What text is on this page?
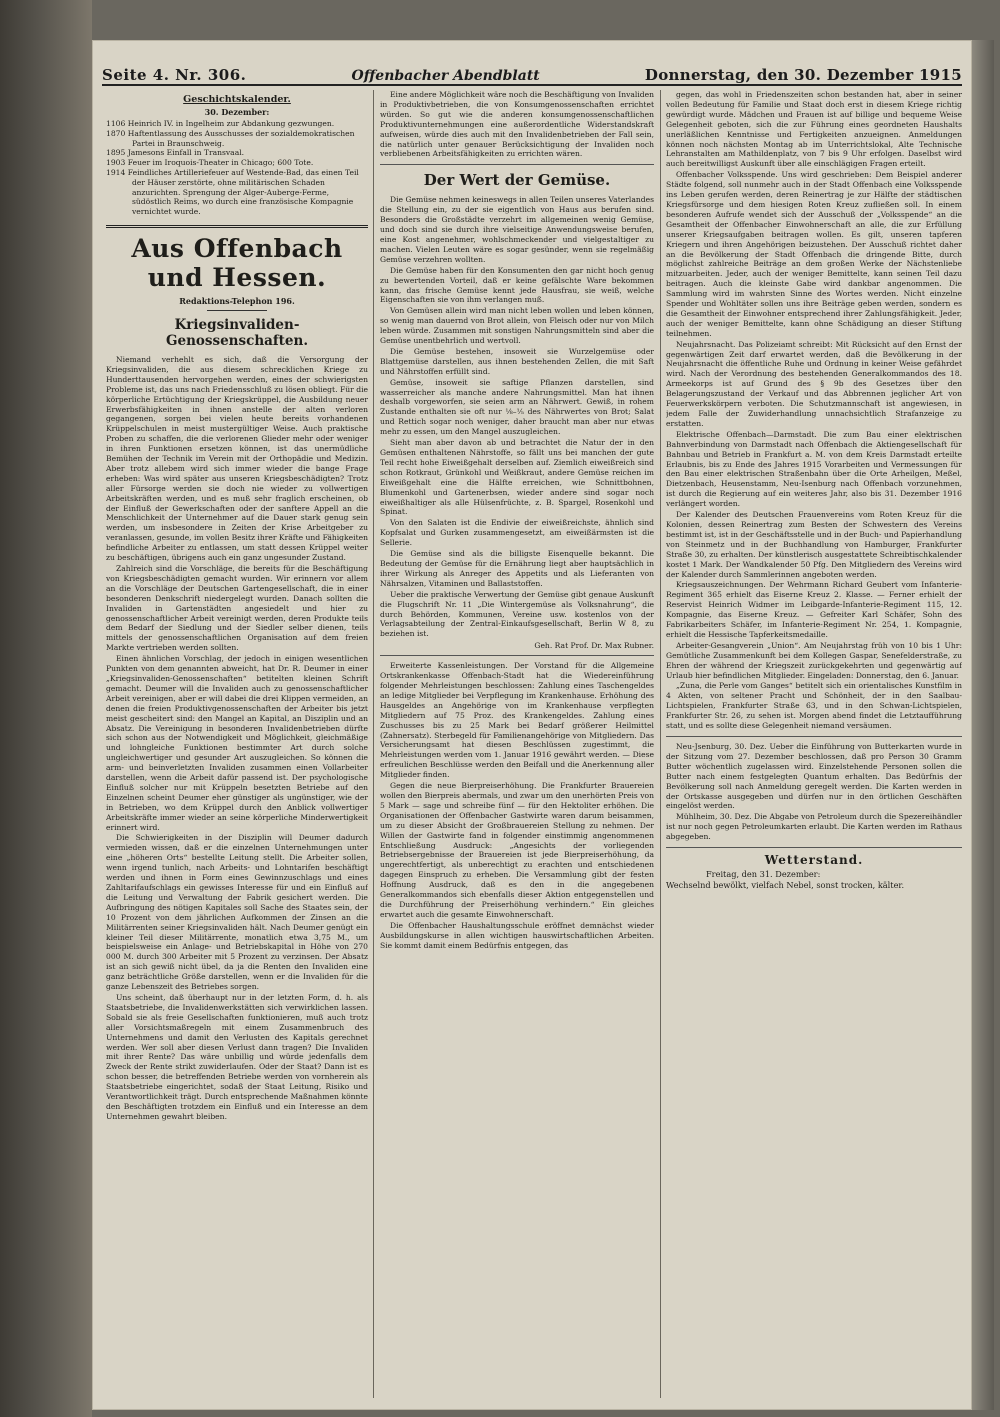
Seite 4. Nr. 306.	Offenbacher Abendblatt	Donnerstag, den 30. Dezember 1915
Geschichtskalender.
30. Dezember:
1106 Heinrich IV. in Ingelheim zur Abdankung gezwungen.
1870 Haftentlassung des Ausschusses der sozialdemokratischen Partei in Braunschweig.
1895 Jamesons Einfall in Transvaal.
1903 Feuer im Iroquois-Theater in Chicago; 600 Tote.
1914 Feindliches Artilleriefeuer auf Westende-Bad, das einen Teil der Häuser zerstörte, ohne militärischen Schaden anzurichten. Sprengung der Alger-Auberge-Ferme, südöstlich Reims, wo durch eine französische Kompagnie vernichtet wurde.
Aus Offenbach und Hessen.
Redaktions-Telephon 196.
Kriegsinvaliden-Genossenschaften.

Niemand verhehlt es sich, daß die Versorgung der Kriegsinvaliden, die aus diesem schrecklichen Kriege zu Hunderttausenden hervorgehen werden, eines der schwierigsten Probleme ist, das uns nach Friedensschluß zu lösen obliegt. Für die körperliche Ertüchtigung der Kriegskrüppel, die Ausbildung neuer Erwerbsfähigkeiten in ihnen anstelle der alten verloren gegangenen, sorgen bei vielen heute bereits vorhandenen Krüppelschulen in meist mustergültiger Weise. Auch praktische Proben zu schaffen, die die verlorenen Glieder mehr oder weniger in ihren Funktionen ersetzen können, ist das unermüdliche Bemühen der Technik im Verein mit der Orthopädie und Medizin. Aber trotz allebem wird sich immer wieder die bange Frage erheben: Was wird später aus unseren Kriegsbeschädigten? Trotz aller Fürsorge werden sie doch nie wieder zu vollwertigen Arbeitskräften werden, und es muß sehr fraglich erscheinen, ob der Einfluß der Gewerkschaften oder der sanftere Appell an die Menschlichkeit der Unternehmer auf die Dauer stark genug sein werden, um insbesondere in Zeiten der Krise Arbeitgeber zu veranlassen, gesunde, im vollen Besitz ihrer Kräfte und Fähigkeiten befindliche Arbeiter zu entlassen, um statt dessen Krüppel weiter zu beschäftigen, übrigens auch ein ganz ungesunder Zustand.

Zahlreich sind die Vorschläge, die bereits für die Beschäftigung von Kriegsbeschädigten gemacht wurden. Wir erinnern vor allem an die Vorschläge der Deutschen Gartengesellschaft, die in einer besonderen Denkschrift niedergelegt wurden. Danach sollten die Invaliden in Gartenstädten angesiedelt und hier zu genossenschaftlicher Arbeit vereinigt werden, deren Produkte teils dem Bedarf der Siedlung und der Siedler selber dienen, teils mittels der genossenschaftlichen Organisation auf dem freien Markte vertrieben werden sollten.

Einen ähnlichen Vorschlag, der jedoch in einigen wesentlichen Punkten von dem genannten abweicht, hat Dr. R. Deumer in einer „Kriegsinvaliden-Genossenschaften“ betitelten kleinen Schrift gemacht. Deumer will die Invaliden auch zu genossenschaftlicher Arbeit vereinigen, aber er will dabei die drei Klippen vermeiden, an denen die freien Produktivgenossenschaften der Arbeiter bis jetzt meist gescheitert sind: den Mangel an Kapital, an Disziplin und an Absatz. Die Vereinigung in besonderen Invalidenbetrieben dürfte sich schon aus der Notwendigkeit und Möglichkeit, gleichmäßige und lohngleiche Funktionen bestimmter Art durch solche ungleichwertiger und gesunder Art auszugleichen. So können die arm- und beinverletzten Invaliden zusammen einen Vollarbeiter darstellen, wenn die Arbeit dafür passend ist. Der psychologische Einfluß solcher nur mit Krüppeln besetzten Betriebe auf den Einzelnen scheint Deumer eher günstiger als ungünstiger, wie der in Betrieben, wo dem Krüppel durch den Anblick vollwertiger Arbeitskräfte immer wieder an seine körperliche Minderwertigkeit erinnert wird.

Die Schwierigkeiten in der Disziplin will Deumer dadurch vermieden wissen, daß er die einzelnen Unternehmungen unter eine „höheren Orts“ bestellte Leitung stellt. Die Arbeiter sollen, wenn irgend tunlich, nach Arbeits- und Lohntarifen beschäftigt werden und ihnen in Form eines Gewinnzuschlags und eines Zahltarifaufschlags ein gewisses Interesse für und ein Einfluß auf die Leitung und Verwaltung der Fabrik gesichert werden. Die Aufbringung des nötigen Kapitales soll Sache des Staates sein, der 10 Prozent von dem jährlichen Aufkommen der Zinsen an die Militärrenten seiner Kriegsinvaliden hält. Nach Deumer genügt ein kleiner Teil dieser Militärrente, monatlich etwa 3,75 M., um beispielsweise ein Anlage- und Betriebskapital in Höhe von 270 000 M. durch 300 Arbeiter mit 5 Prozent zu verzinsen. Der Absatz ist an sich gewiß nicht übel, da ja die Renten den Invaliden eine ganz beträchtliche Größe darstellen, wenn er die Invaliden für die ganze Lebenszeit des Betriebes sorgen.

Uns scheint, daß überhaupt nur in der letzten Form, d. h. als Staatsbetriebe, die Invalidenwerkstätten sich verwirklichen lassen. Sobald sie als freie Gesellschaften funktionieren, muß auch trotz aller Vorsichtsmaßregeln mit einem Zusammenbruch des Unternehmens und damit den Verlusten des Kapitals gerechnet werden. Wer soll aber diesen Verlust dann tragen? Die Invaliden mit ihrer Rente? Das wäre unbillig und würde jedenfalls dem Zweck der Rente strikt zuwiderlaufen. Oder der Staat? Dann ist es schon besser, die betreffenden Betriebe werden von vornherein als Staatsbetriebe eingerichtet, sodaß der Staat Leitung, Risiko und Verantwortlichkeit trägt. Durch entsprechende Maßnahmen könnte den Beschäftigten trotzdem ein Einfluß und ein Interesse an dem Unternehmen gewahrt bleiben.

Eine andere Möglichkeit wäre noch die Beschäftigung von Invaliden in Produktivbetrieben, die von Konsumgenossenschaften errichtet würden. So gut wie die anderen konsumgenossenschaftlichen Produktivunternehmungen eine außerordentliche Widerstandskraft aufweisen, würde dies auch mit den Invalidenbetrieben der Fall sein, die natürlich unter genauer Berücksichtigung der Invaliden noch verbliebenen Arbeitsfähigkeiten zu errichten wären.

Der Wert der Gemüse.

Die Gemüse nehmen keineswegs in allen Teilen unseres Vaterlandes die Stellung ein, zu der sie eigentlich von Haus aus berufen sind. Besonders die Großstädte verzehrt im allgemeinen wenig Gemüse, und doch sind sie durch ihre vielseitige Anwendungsweise berufen, eine Kost angenehmer, wohlschmeckender und vielgestaltiger zu machen. Vielen Leuten wäre es sogar gesünder, wenn sie regelmäßig Gemüse verzehren wollten.

Die Gemüse haben für den Konsumenten den gar nicht hoch genug zu bewertenden Vorteil, daß er keine gefälschte Ware bekommen kann, das frische Gemüse kennt jede Hausfrau, sie weiß, welche Eigenschaften sie von ihm verlangen muß.

Von Gemüsen allein wird man nicht leben wollen und leben können, so wenig man dauernd von Brot allein, von Fleisch oder nur von Milch leben würde. Zusammen mit sonstigen Nahrungsmitteln sind aber die Gemüse unentbehrlich und wertvoll.

Die Gemüse bestehen, insoweit sie Wurzelgemüse oder Blattgemüse darstellen, aus ihnen bestehenden Zellen, die mit Saft und Nährstoffen erfüllt sind.

Gemüse, insoweit sie saftige Pflanzen darstellen, sind wasserreicher als manche andere Nahrungsmittel. Man hat ihnen deshalb vorgeworfen, sie seien arm an Nährwert. Gewiß, in rohem Zustande enthalten sie oft nur ⅛–⅕ des Nährwertes von Brot; Salat und Rettich sogar noch weniger, daher braucht man aber nur etwas mehr zu essen, um den Mangel auszugleichen.

Sieht man aber davon ab und betrachtet die Natur der in den Gemüsen enthaltenen Nährstoffe, so fällt uns bei manchen der gute Teil recht hohe Eiweißgehalt derselben auf. Ziemlich eiweißreich sind schon Rotkraut, Grünkohl und Weißkraut, andere Gemüse reichen im Eiweißgehalt eine die Hälfte erreichen, wie Schnittbohnen, Blumenkohl und Gartenerbsen, wieder andere sind sogar noch eiweißhaltiger als alle Hülsenfrüchte, z. B. Spargel, Rosenkohl und Spinat.

Von den Salaten ist die Endivie der eiweißreichste, ähnlich sind Kopfsalat und Gurken zusammengesetzt, am eiweißärmsten ist die Sellerie.

Die Gemüse sind als die billigste Eisenquelle bekannt. Die Bedeutung der Gemüse für die Ernährung liegt aber hauptsächlich in ihrer Wirkung als Anreger des Appetits und als Lieferanten von Nährsalzen, Vitaminen und Ballaststoffen.

Ueber die praktische Verwertung der Gemüse gibt genaue Auskunft die Flugschrift Nr. 11 „Die Wintergemüse als Volksnahrung“, die durch Behörden, Kommunen, Vereine usw. kostenlos von der Verlagsabteilung der Zentral-Einkaufsgesellschaft, Berlin W 8, zu beziehen ist.

Geh. Rat Prof. Dr. Max Rubner.

Erweiterte Kassenleistungen. Der Vorstand für die Allgemeine Ortskrankenkasse Offenbach-Stadt hat die Wiedereinführung folgender Mehrleistungen beschlossen: Zahlung eines Taschengeldes an ledige Mitglieder bei Verpflegung im Krankenhause. Erhöhung des Hausgeldes an Angehörige von im Krankenhause verpflegten Mitgliedern auf 75 Proz. des Krankengeldes. Zahlung eines Zuschusses bis zu 25 Mark bei Bedarf größerer Heilmittel (Zahnersatz). Sterbegeld für Familienangehörige von Mitgliedern. Das Versicherungsamt hat diesen Beschlüssen zugestimmt, die Mehrleistungen werden vom 1. Januar 1916 gewährt werden. — Diese erfreulichen Beschlüsse werden den Beifall und die Anerkennung aller Mitglieder finden.

Gegen die neue Bierpreiserhöhung. Die Frankfurter Brauereien wollen den Bierpreis abermals, und zwar um den unerhörten Preis von 5 Mark — sage und schreibe fünf — für den Hektoliter erhöhen. Die Organisationen der Offenbacher Gastwirte waren darum beisammen, um zu dieser Absicht der Großbrauereien Stellung zu nehmen. Der Willen der Gastwirte fand in folgender einstimmig angenommenen Entschließung Ausdruck: „Angesichts der vorliegenden Betriebsergebnisse der Brauereien ist jede Bierpreiserhöhung, da ungerechtfertigt, als unberechtigt zu erachten und entschiedenen dagegen Einspruch zu erheben. Die Versammlung gibt der festen Hoffnung Ausdruck, daß es den in die angegebenen Generalkommandos sich ebenfalls dieser Aktion entgegenstellen und die Durchführung der Preiserhöhung verhindern.“ Ein gleiches erwartet auch die gesamte Einwohnerschaft.

Die Offenbacher Haushaltungsschule eröffnet demnächst wieder Ausbildungskurse in allen wichtigen hauswirtschaftlichen Arbeiten. Sie kommt damit einem Bedürfnis entgegen, das

gegen, das wohl in Friedenszeiten schon bestanden hat, aber in seiner vollen Bedeutung für Familie und Staat doch erst in diesem Kriege richtig gewürdigt wurde. Mädchen und Frauen ist auf billige und bequeme Weise Gelegenheit geboten, sich die zur Führung eines geordneten Haushalts unerläßlichen Kenntnisse und Fertigkeiten anzueignen. Anmeldungen können noch nächsten Montag ab im Unterrichtslokal, Alte Technische Lehranstalten am Mathildenplatz, von 7 bis 9 Uhr erfolgen. Daselbst wird auch bereitwilligst Auskunft über alle einschlägigen Fragen erteilt.

Offenbacher Volksspende. Uns wird geschrieben: Dem Beispiel anderer Städte folgend, soll nunmehr auch in der Stadt Offenbach eine Volksspende ins Leben gerufen werden, deren Reinertrag je zur Hälfte der städtischen Kriegsfürsorge und dem hiesigen Roten Kreuz zufließen soll. In einem besonderen Aufrufe wendet sich der Ausschuß der „Volksspende“ an die Gesamtheit der Offenbacher Einwohnerschaft an alle, die zur Erfüllung unserer Kriegsaufgaben beitragen wollen. Es gilt, unseren tapferen Kriegern und ihren Angehörigen beizustehen. Der Ausschuß richtet daher an die Bevölkerung der Stadt Offenbach die dringende Bitte, durch möglichst zahlreiche Beiträge an dem großen Werke der Nächstenliebe mitzuarbeiten. Jeder, auch der weniger Bemittelte, kann seinen Teil dazu beitragen. Auch die kleinste Gabe wird dankbar angenommen. Die Sammlung wird im wahrsten Sinne des Wortes werden. Nicht einzelne Spender und Wohltäter sollen uns ihre Beiträge geben werden, sondern es die Gesamtheit der Einwohner entsprechend ihrer Zahlungsfähigkeit. Jeder, auch der weniger Bemittelte, kann ohne Schädigung an dieser Stiftung teilnehmen.

Neujahrsnacht. Das Polizeiamt schreibt: Mit Rücksicht auf den Ernst der gegenwärtigen Zeit darf erwartet werden, daß die Bevölkerung in der Neujahrsnacht die öffentliche Ruhe und Ordnung in keiner Weise gefährdet wird. Nach der Verordnung des bestehenden Generalkommandos des 18. Armeekorps ist auf Grund des § 9b des Gesetzes über den Belagerungszustand der Verkauf und das Abbrennen jeglicher Art von Feuerwerkskörpern verboten. Die Schutzmannschaft ist angewiesen, in jedem Falle der Zuwiderhandlung unnachsichtlich Strafanzeige zu erstatten.

Elektrische Offenbach—Darmstadt. Die zum Bau einer elektrischen Bahnverbindung von Darmstadt nach Offenbach die Aktiengesellschaft für Bahnbau und Betrieb in Frankfurt a. M. von dem Kreis Darmstadt erteilte Erlaubnis, bis zu Ende des Jahres 1915 Vorarbeiten und Vermessungen für den Bau einer elektrischen Straßenbahn über die Orte Arheilgen, Meßel, Dietzenbach, Heusenstamm, Neu-Isenburg nach Offenbach vorzunehmen, ist durch die Regierung auf ein weiteres Jahr, also bis 31. Dezember 1916 verlängert worden.

Der Kalender des Deutschen Frauenvereins vom Roten Kreuz für die Kolonien, dessen Reinertrag zum Besten der Schwestern des Vereins bestimmt ist, ist in der Geschäftsstelle und in der Buch- und Papierhandlung von Steinmetz und in der Buchhandlung von Hamburger, Frankfurter Straße 30, zu erhalten. Der künstlerisch ausgestattete Schreibtischkalender kostet 1 Mark. Der Wandkalender 50 Pfg. Den Mitgliedern des Vereins wird der Kalender durch Sammlerinnen angeboten werden.

Kriegsauszeichnungen. Der Wehrmann Richard Geubert vom Infanterie-Regiment 365 erhielt das Eiserne Kreuz 2. Klasse. — Ferner erhielt der Reservist Heinrich Widmer im Leibgarde-Infanterie-Regiment 115, 12. Kompagnie, das Eiserne Kreuz. — Gefreiter Karl Schäfer, Sohn des Fabrikarbeiters Schäfer, im Infanterie-Regiment Nr. 254, 1. Kompagnie, erhielt die Hessische Tapferkeitsmedaille.

Arbeiter-Gesangverein „Union“. Am Neujahrstag früh von 10 bis 1 Uhr: Gemütliche Zusammenkunft bei dem Kollegen Gaspar, Senefelderstraße, zu Ehren der während der Kriegszeit zurückgekehrten und gegenwärtig auf Urlaub hier befindlichen Mitglieder. Eingeladen: Donnerstag, den 6. Januar.

„Zuna, die Perle vom Ganges“ betitelt sich ein orientalisches Kunstfilm in 4 Akten, von seltener Pracht und Schönheit, der in den Saalbau-Lichtspielen, Frankfurter Straße 63, und in den Schwan-Lichtspielen, Frankfurter Str. 26, zu sehen ist. Morgen abend findet die Letztaufführung statt, und es sollte diese Gelegenheit niemand versäumen.

Neu-Jsenburg, 30. Dez. Ueber die Einführung von Butterkarten wurde in der Sitzung vom 27. Dezember beschlossen, daß pro Person 30 Gramm Butter wöchentlich zugelassen wird. Einzelstehende Personen sollen die Butter nach einem festgelegten Quantum erhalten. Das Bedürfnis der Bevölkerung soll nach Anmeldung geregelt werden. Die Karten werden in der Ortskasse ausgegeben und dürfen nur in den örtlichen Geschäften eingelöst werden.

Mühlheim, 30. Dez. Die Abgabe von Petroleum durch die Spezereihändler ist nur noch gegen Petroleumkarten erlaubt. Die Karten werden im Rathaus abgegeben.

Wetterstand.
Freitag, den 31. Dezember:
Wechselnd bewölkt, vielfach Nebel, sonst trocken, kälter.
